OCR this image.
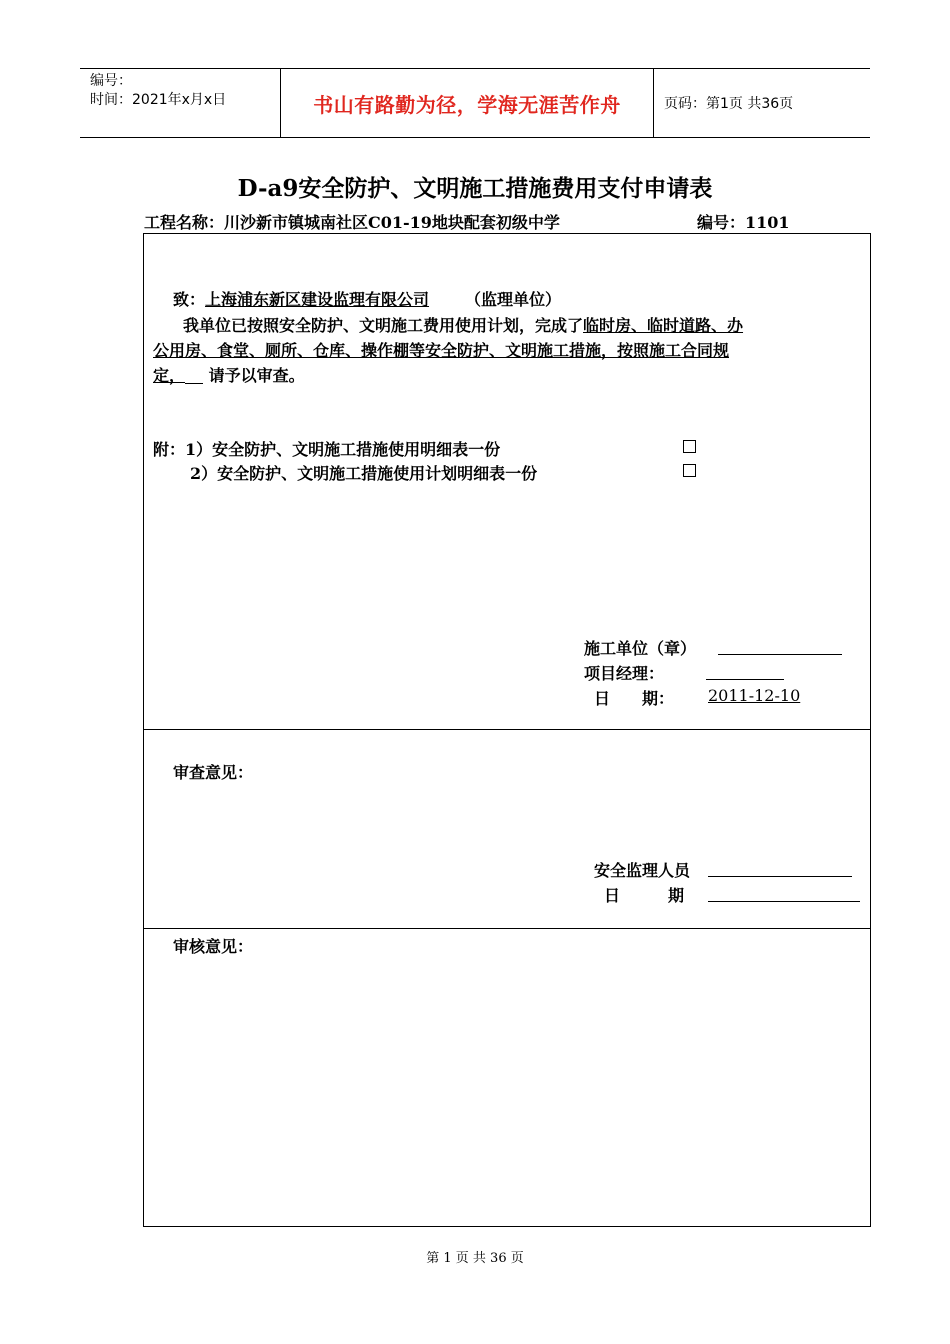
编号：
时间：2021年x月x日	书山有路勤为径，学海无涯苦作舟	页码：第1页 共36页
D-a9安全防护、文明施工措施费用支付申请表
工程名称：川沙新市镇城南社区C01-19地块配套初级中学	编号：1101
致：上海浦东新区建设监理有限公司 （监理单位）
我单位已按照安全防护、文明施工费用使用计划，完成了临时房、临时道路、办
公用房、食堂、厕所、仓库、操作棚等安全防护、文明施工措施，按照施工合同规
定， 请予以审查。
附：1）安全防护、文明施工措施使用明细表一份
2）安全防护、文明施工措施使用计划明细表一份
施工单位（章）
项目经理：
日　　期： 2011-12-10
审查意见：
安全监理人员
日　　　期
审核意见：
第 1 页 共 36 页
